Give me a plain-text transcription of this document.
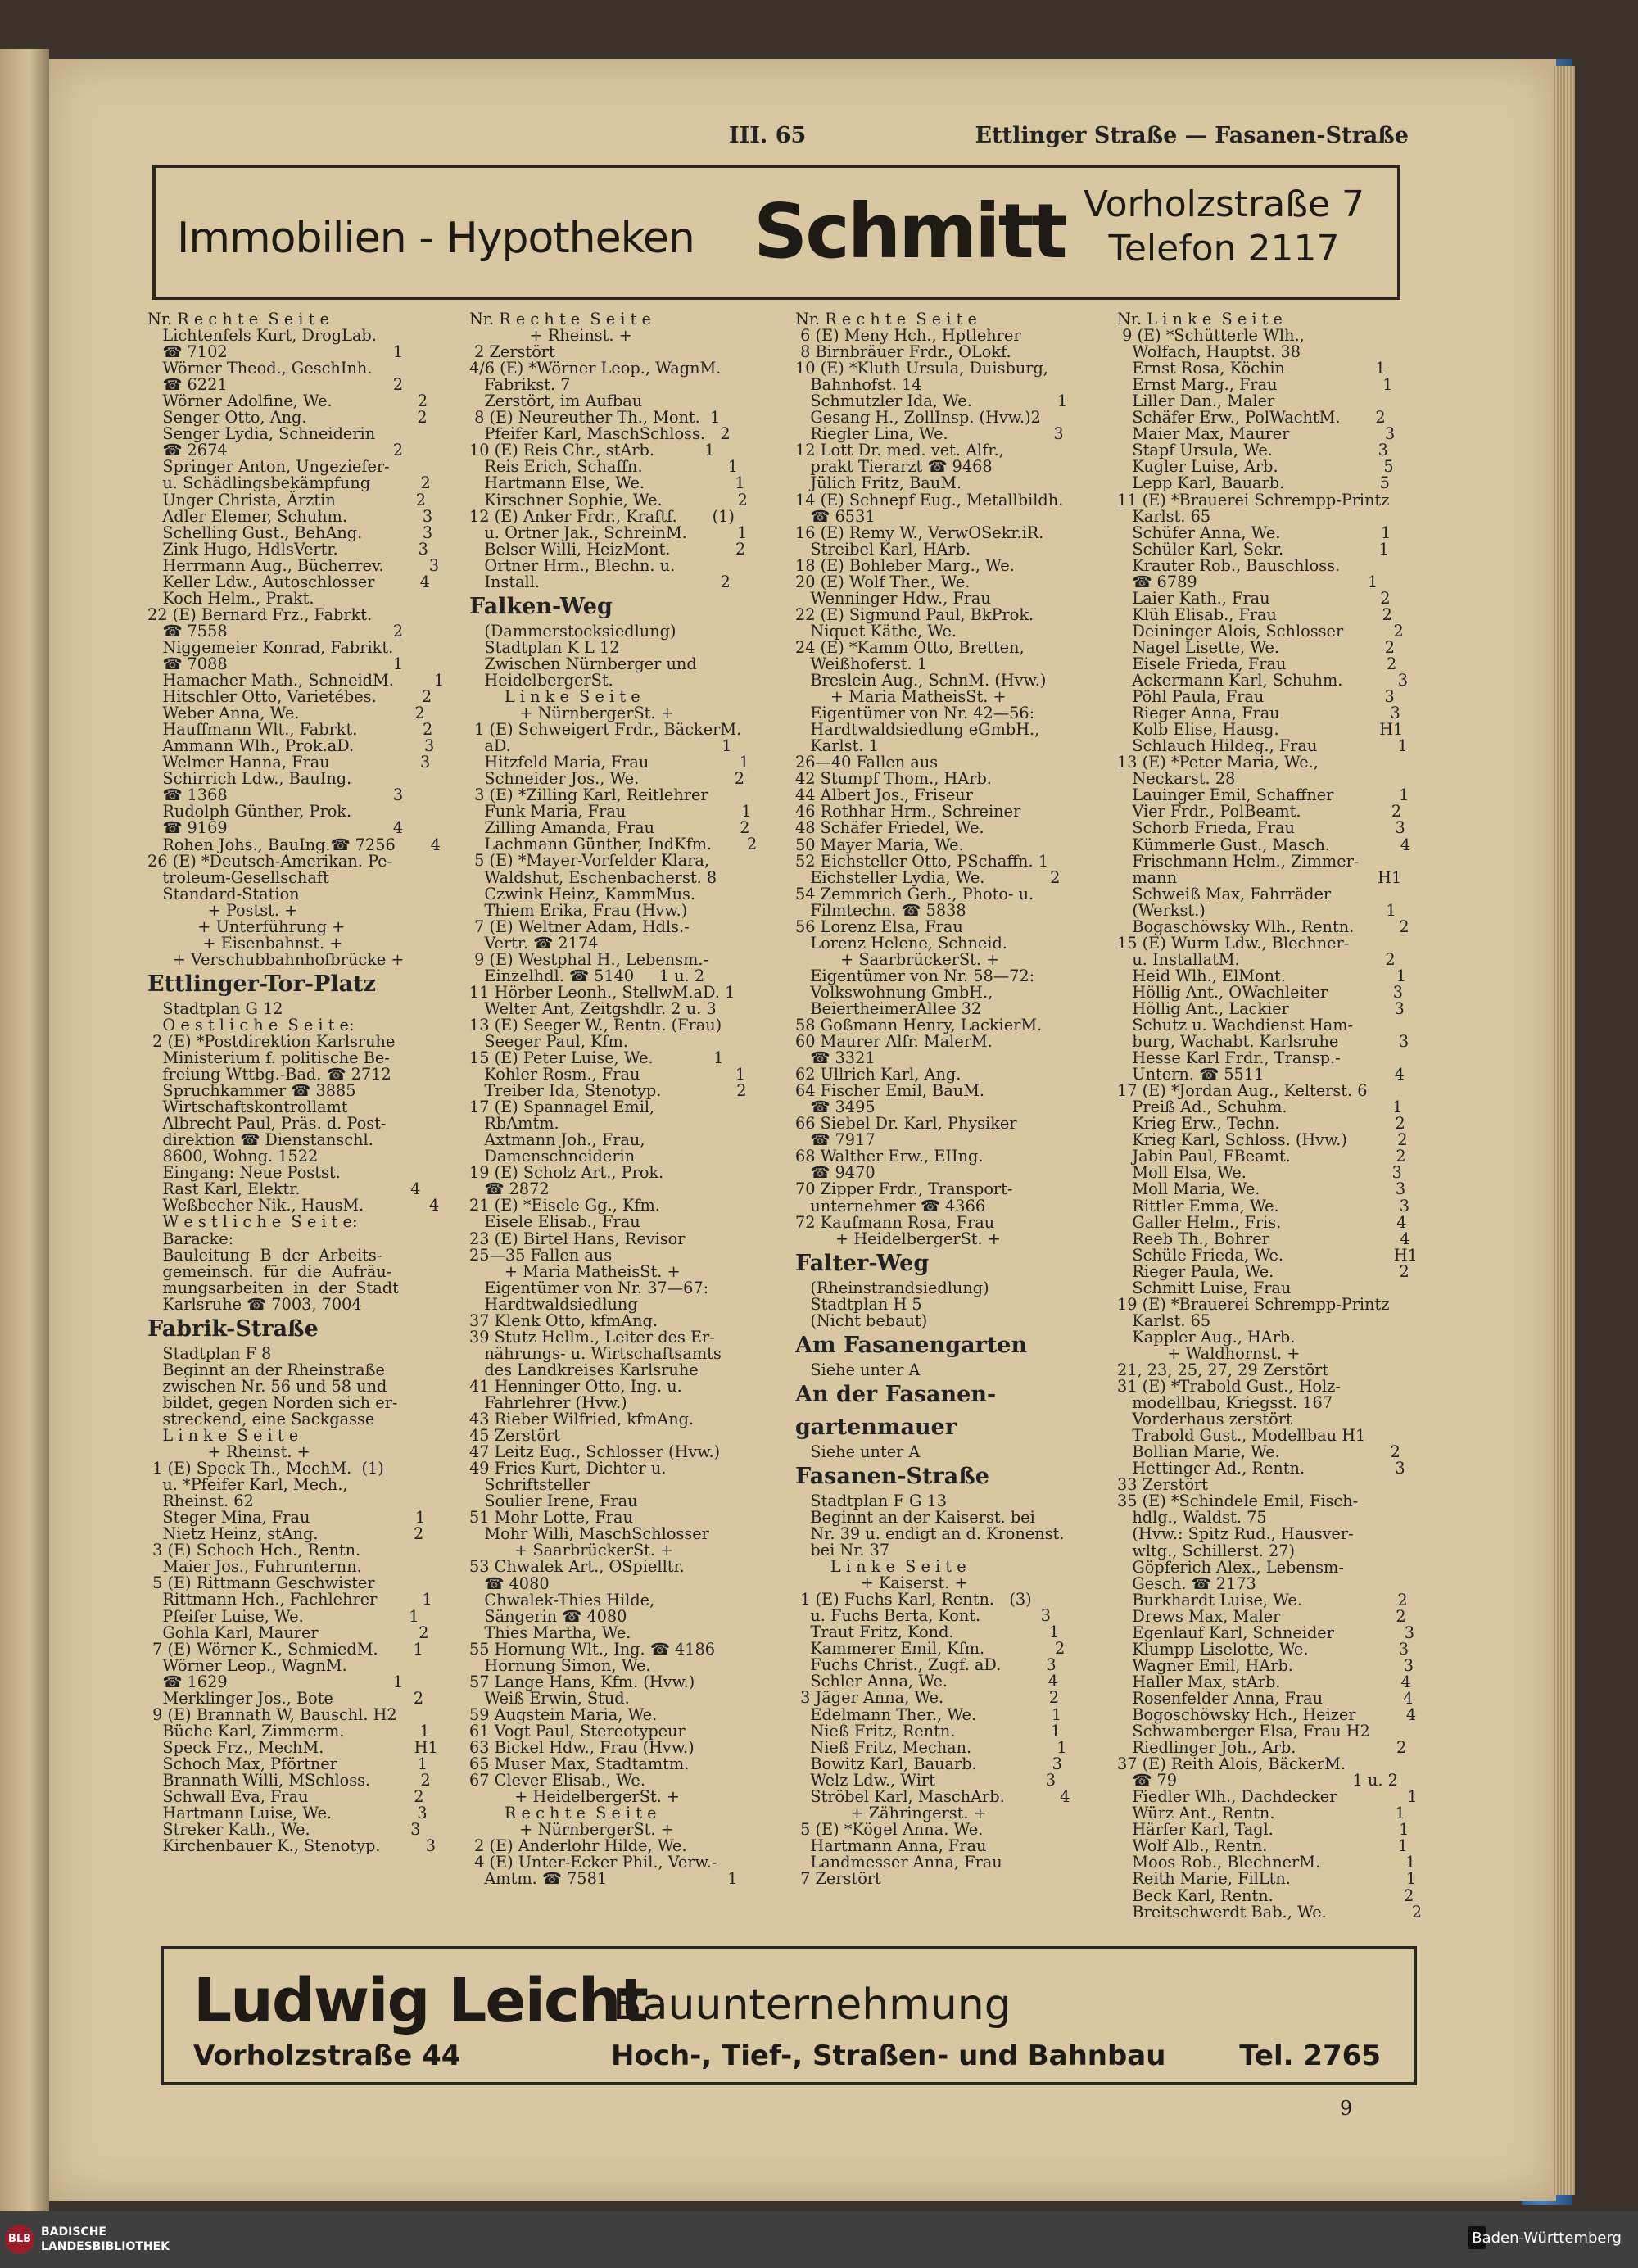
III. 65	Ettlinger Straße — Fasanen-Straße
Immobilien - Hypotheken Schmitt Vorholzstraße 7
Telefon 2117
Nr. R e c h t e  S e i t e
Lichtenfels Kurt, DrogLab.
☎ 7102                                 1
Wörner Theod., GeschInh.
☎ 6221                                 2
Wörner Adolfine, We.                 2
Senger Otto, Ang.                      2
Senger Lydia, Schneiderin
☎ 2674                                 2
Springer Anton, Ungeziefer-
u. Schädlingsbekämpfung          2
Unger Christa, Ärztin                2
Adler Elemer, Schuhm.               3
Schelling Gust., BehAng.            3
Zink Hugo, HdlsVertr.                3
Herrmann Aug., Bücherrev.         3
Keller Ldw., Autoschlosser         4
Koch Helm., Prakt.
22 (E) Bernard Frz., Fabrkt.
☎ 7558                                 2
Niggemeier Konrad, Fabrikt.
☎ 7088                                 1
Hamacher Math., SchneidM.        1
Hitschler Otto, Varietébes.         2
Weber Anna, We.                       2
Hauffmann Wlt., Fabrkt.             2
Ammann Wlh., Prok.aD.              3
Welmer Hanna, Frau                  3
Schirrich Ldw., BauIng.
☎ 1368                                 3
Rudolph Günther, Prok.
☎ 9169                                 4
Rohen Johs., BauIng.☎ 7256       4
26 (E) *Deutsch-Amerikan. Pe-
troleum-Gesellschaft
Standard-Station
+ Postst. +
+ Unterführung +
+ Eisenbahnst. +
+ Verschubbahnhofbrücke +
Ettlinger-Tor-Platz
Stadtplan G 12
O e s t l i c h e  S e i t e:
2 (E) *Postdirektion Karlsruhe
Ministerium f. politische Be-
freiung Wttbg.-Bad. ☎ 2712
Spruchkammer ☎ 3885
Wirtschaftskontrollamt
Albrecht Paul, Präs. d. Post-
direktion ☎ Dienstanschl.
8600, Wohng. 1522
Eingang: Neue Postst.
Rast Karl, Elektr.                      4
Weßbecher Nik., HausM.             4
W e s t l i c h e  S e i t e:
Baracke:
Bauleitung  B  der  Arbeits-
gemeinsch.  für  die  Aufräu-
mungsarbeiten  in  der  Stadt
Karlsruhe ☎ 7003, 7004
Fabrik-Straße
Stadtplan F 8
Beginnt an der Rheinstraße
zwischen Nr. 56 und 58 und
bildet, gegen Norden sich er-
streckend, eine Sackgasse
L i n k e  S e i t e
+ Rheinst. +
1 (E) Speck Th., MechM.  (1)
u. *Pfeifer Karl, Mech.,
Rheinst. 62
Steger Mina, Frau                     1
Nietz Heinz, stAng.                   2
3 (E) Schoch Hch., Rentn.
Maier Jos., Fuhrunternn.
5 (E) Rittmann Geschwister
Rittmann Hch., Fachlehrer         1
Pfeifer Luise, We.                     1
Gohla Karl, Maurer                    2
7 (E) Wörner K., SchmiedM.       1
Wörner Leop., WagnM.
☎ 1629                                 1
Merklinger Jos., Bote                2
9 (E) Brannath W, Bauschl. H2
Büche Karl, Zimmerm.               1
Speck Frz., MechM.                  H1
Schoch Max, Pförtner                1
Brannath Willi, MSchloss.          2
Schwall Eva, Frau                     2
Hartmann Luise, We.                 3
Streker Kath., We.                    3
Kirchenbauer K., Stenotyp.         3
Nr. R e c h t e  S e i t e
+ Rheinst. +
2 Zerstört
4/6 (E) *Wörner Leop., WagnM.
Fabrikst. 7
Zerstört, im Aufbau
8 (E) Neureuther Th., Mont.  1
Pfeifer Karl, MaschSchloss.   2
10 (E) Reis Chr., stArb.          1
Reis Erich, Schaffn.                 1
Hartmann Else, We.                  1
Kirschner Sophie, We.               2
12 (E) Anker Frdr., Kraftf.       (1)
u. Ortner Jak., SchreinM.          1
Belser Willi, HeizMont.             2
Ortner Hrm., Blechn. u.
Install.                                    2
Falken-Weg
(Dammerstocksiedlung)
Stadtplan K L 12
Zwischen Nürnberger und
HeidelbergerSt.
L i n k e  S e i t e
+ NürnbergerSt. +
1 (E) Schweigert Frdr., BäckerM.
aD.                                          1
Hitzfeld Maria, Frau                  1
Schneider Jos., We.                   2
3 (E) *Zilling Karl, Reitlehrer
Funk Maria, Frau                       1
Zilling Amanda, Frau                 2
Lachmann Günther, IndKfm.       2
5 (E) *Mayer-Vorfelder Klara,
Waldshut, Eschenbacherst. 8
Czwink Heinz, KammMus.
Thiem Erika, Frau (Hvw.)
7 (E) Weltner Adam, Hdls.-
Vertr. ☎ 2174
9 (E) Westphal H., Lebensm.-
Einzelhdl. ☎ 5140     1 u. 2
11 Hörber Leonh., StellwM.aD. 1
Welter Ant, Zeitgshdlr. 2 u. 3
13 (E) Seeger W., Rentn. (Frau)
Seeger Paul, Kfm.
15 (E) Peter Luise, We.            1
Kohler Rosm., Frau                   1
Treiber Ida, Stenotyp.               2
17 (E) Spannagel Emil,
RbAmtm.
Axtmann Joh., Frau,
Damenschneiderin
19 (E) Scholz Art., Prok.
☎ 2872
21 (E) *Eisele Gg., Kfm.
Eisele Elisab., Frau
23 (E) Birtel Hans, Revisor
25—35 Fallen aus
+ Maria MatheisSt. +
Eigentümer von Nr. 37—67:
Hardtwaldsiedlung
37 Klenk Otto, kfmAng.
39 Stutz Hellm., Leiter des Er-
nährungs- u. Wirtschaftsamts
des Landkreises Karlsruhe
41 Henninger Otto, Ing. u.
Fahrlehrer (Hvw.)
43 Rieber Wilfried, kfmAng.
45 Zerstört
47 Leitz Eug., Schlosser (Hvw.)
49 Fries Kurt, Dichter u.
Schriftsteller
Soulier Irene, Frau
51 Mohr Lotte, Frau
Mohr Willi, MaschSchlosser
+ SaarbrückerSt. +
53 Chwalek Art., OSpielltr.
☎ 4080
Chwalek-Thies Hilde,
Sängerin ☎ 4080
Thies Martha, We.
55 Hornung Wlt., Ing. ☎ 4186
Hornung Simon, We.
57 Lange Hans, Kfm. (Hvw.)
Weiß Erwin, Stud.
59 Augstein Maria, We.
61 Vogt Paul, Stereotypeur
63 Bickel Hdw., Frau (Hvw.)
65 Muser Max, Stadtamtm.
67 Clever Elisab., We.
+ HeidelbergerSt. +
R e c h t e  S e i t e
+ NürnbergerSt. +
2 (E) Anderlohr Hilde, We.
4 (E) Unter-Ecker Phil., Verw.-
Amtm. ☎ 7581                        1
Nr. R e c h t e  S e i t e
6 (E) Meny Hch., Hptlehrer
8 Birnbräuer Frdr., OLokf.
10 (E) *Kluth Ursula, Duisburg,
Bahnhofst. 14
Schmutzler Ida, We.                 1
Gesang H., ZollInsp. (Hvw.)2
Riegler Lina, We.                     3
12 Lott Dr. med. vet. Alfr.,
prakt Tierarzt ☎ 9468
Jülich Fritz, BauM.
14 (E) Schnepf Eug., Metallbildh.
☎ 6531
16 (E) Remy W., VerwOSekr.iR.
Streibel Karl, HArb.
18 (E) Bohleber Marg., We.
20 (E) Wolf Ther., We.
Wenninger Hdw., Frau
22 (E) Sigmund Paul, BkProk.
Niquet Käthe, We.
24 (E) *Kamm Otto, Bretten,
Weißhoferst. 1
Breslein Aug., SchnM. (Hvw.)
+ Maria MatheisSt. +
Eigentümer von Nr. 42—56:
Hardtwaldsiedlung eGmbH.,
Karlst. 1
26—40 Fallen aus
42 Stumpf Thom., HArb.
44 Albert Jos., Friseur
46 Rothhar Hrm., Schreiner
48 Schäfer Friedel, We.
50 Mayer Maria, We.
52 Eichsteller Otto, PSchaffn. 1
Eichsteller Lydia, We.             2
54 Zemmrich Gerh., Photo- u.
Filmtechn. ☎ 5838
56 Lorenz Elsa, Frau
Lorenz Helene, Schneid.
+ SaarbrückerSt. +
Eigentümer von Nr. 58—72:
Volkswohnung GmbH.,
BeiertheimerAllee 32
58 Goßmann Henry, LackierM.
60 Maurer Alfr. MalerM.
☎ 3321
62 Ullrich Karl, Ang.
64 Fischer Emil, BauM.
☎ 3495
66 Siebel Dr. Karl, Physiker
☎ 7917
68 Walther Erw., EIIng.
☎ 9470
70 Zipper Frdr., Transport-
unternehmer ☎ 4366
72 Kaufmann Rosa, Frau
+ HeidelbergerSt. +
Falter-Weg
(Rheinstrandsiedlung)
Stadtplan H 5
(Nicht bebaut)
Am Fasanengarten
Siehe unter A
An der Fasanen-
gartenmauer
Siehe unter A
Fasanen-Straße
Stadtplan F G 13
Beginnt an der Kaiserst. bei
Nr. 39 u. endigt an d. Kronenst.
bei Nr. 37
L i n k e  S e i t e
+ Kaiserst. +
1 (E) Fuchs Karl, Rentn.   (3)
u. Fuchs Berta, Kont.            3
Traut Fritz, Kond.                   1
Kammerer Emil, Kfm.              2
Fuchs Christ., Zugf. aD.         3
Schler Anna, We.                    4
3 Jäger Anna, We.                     2
Edelmann Ther., We.               1
Nieß Fritz, Rentn.                   1
Nieß Fritz, Mechan.                 1
Bowitz Karl, Bauarb.               3
Welz Ldw., Wirt                      3
Ströbel Karl, MaschArb.           4
+ Zähringerst. +
5 (E) *Kögel Anna. We.
Hartmann Anna, Frau
Landmesser Anna, Frau
7 Zerstört
Nr. L i n k e  S e i t e
9 (E) *Schütterle Wlh.,
Wolfach, Hauptst. 38
Ernst Rosa, Köchin                  1
Ernst Marg., Frau                     1
Liller Dan., Maler
Schäfer Erw., PolWachtM.       2
Maier Max, Maurer                   3
Stapf Ursula, We.                     3
Kugler Luise, Arb.                     5
Lepp Karl, Bauarb.                   5
11 (E) *Brauerei Schrempp-Printz
Karlst. 65
Schüfer Anna, We.                    1
Schüler Karl, Sekr.                   1
Krauter Rob., Bauschloss.
☎ 6789                                  1
Laier Kath., Frau                      2
Klüh Elisab., Frau                     2
Deininger Alois, Schlosser          2
Nagel Lisette, We.                     2
Eisele Frieda, Frau                    2
Ackermann Karl, Schuhm.           3
Pöhl Paula, Frau                        3
Rieger Anna, Frau                      3
Kolb Elise, Hausg.                    H1
Schlauch Hildeg., Frau                1
13 (E) *Peter Maria, We.,
Neckarst. 28
Lauinger Emil, Schaffner             1
Vier Frdr., PolBeamt.                  2
Schorb Frieda, Frau                    3
Kümmerle Gust., Masch.              4
Frischmann Helm., Zimmer-
mann                                        H1
Schweiß Max, Fahrräder
(Werkst.)                                    1
Bogaschöwsky Wlh., Rentn.         2
15 (E) Wurm Ldw., Blechner-
u. InstallatM.                             2
Heid Wlh., ElMont.                      1
Höllig Ant., OWachleiter             3
Höllig Ant., Lackier                     3
Schutz u. Wachdienst Ham-
burg, Wachabt. Karlsruhe            3
Hesse Karl Frdr., Transp.-
Untern. ☎ 5511                          4
17 (E) *Jordan Aug., Kelterst. 6
Preiß Ad., Schuhm.                     1
Krieg Erw., Techn.                       2
Krieg Karl, Schloss. (Hvw.)          2
Jabin Paul, FBeamt.                     2
Moll Elsa, We.                             3
Moll Maria, We.                           3
Rittler Emma, We.                        3
Galler Helm., Fris.                       4
Reeb Th., Bohrer                          4
Schüle Frieda, We.                      H1
Rieger Paula, We.                         2
Schmitt Luise, Frau
19 (E) *Brauerei Schrempp-Printz
Karlst. 65
Kappler Aug., HArb.
+ Waldhornst. +
21, 23, 25, 27, 29 Zerstört
31 (E) *Trabold Gust., Holz-
modellbau, Kriegsst. 167
Vorderhaus zerstört
Trabold Gust., Modellbau H1
Bollian Marie, We.                      2
Hettinger Ad., Rentn.                  3
33 Zerstört
35 (E) *Schindele Emil, Fisch-
hdlg., Waldst. 75
(Hvw.: Spitz Rud., Hausver-
wltg., Schillerst. 27)
Göpferich Alex., Lebensm-
Gesch. ☎ 2173
Burkhardt Luise, We.                   2
Drews Max, Maler                       2
Egenlauf Karl, Schneider              3
Klumpp Liselotte, We.                  3
Wagner Emil, HArb.                      3
Haller Max, stArb.                        4
Rosenfelder Anna, Frau                4
Bogoschöwsky Hch., Heizer          4
Schwamberger Elsa, Frau H2
Riedlinger Joh., Arb.                    2
37 (E) Reith Alois, BäckerM.
☎ 79                                   1 u. 2
Fiedler Wlh., Dachdecker              1
Würz Ant., Rentn.                        1
Härfer Karl, Tagl.                         1
Wolf Alb., Rentn.                          1
Moos Rob., BlechnerM.                 1
Reith Marie, FilLtn.                       1
Beck Karl, Rentn.                          2
Breitschwerdt Bab., We.                 2
Ludwig Leicht
Bauunternehmung
Vorholzstraße 44	Hoch-, Tief-, Straßen- und Bahnbau	Tel. 2765
9
BLB
BADISCHE
LANDESBIBLIOTHEK	Baden-Württemberg
